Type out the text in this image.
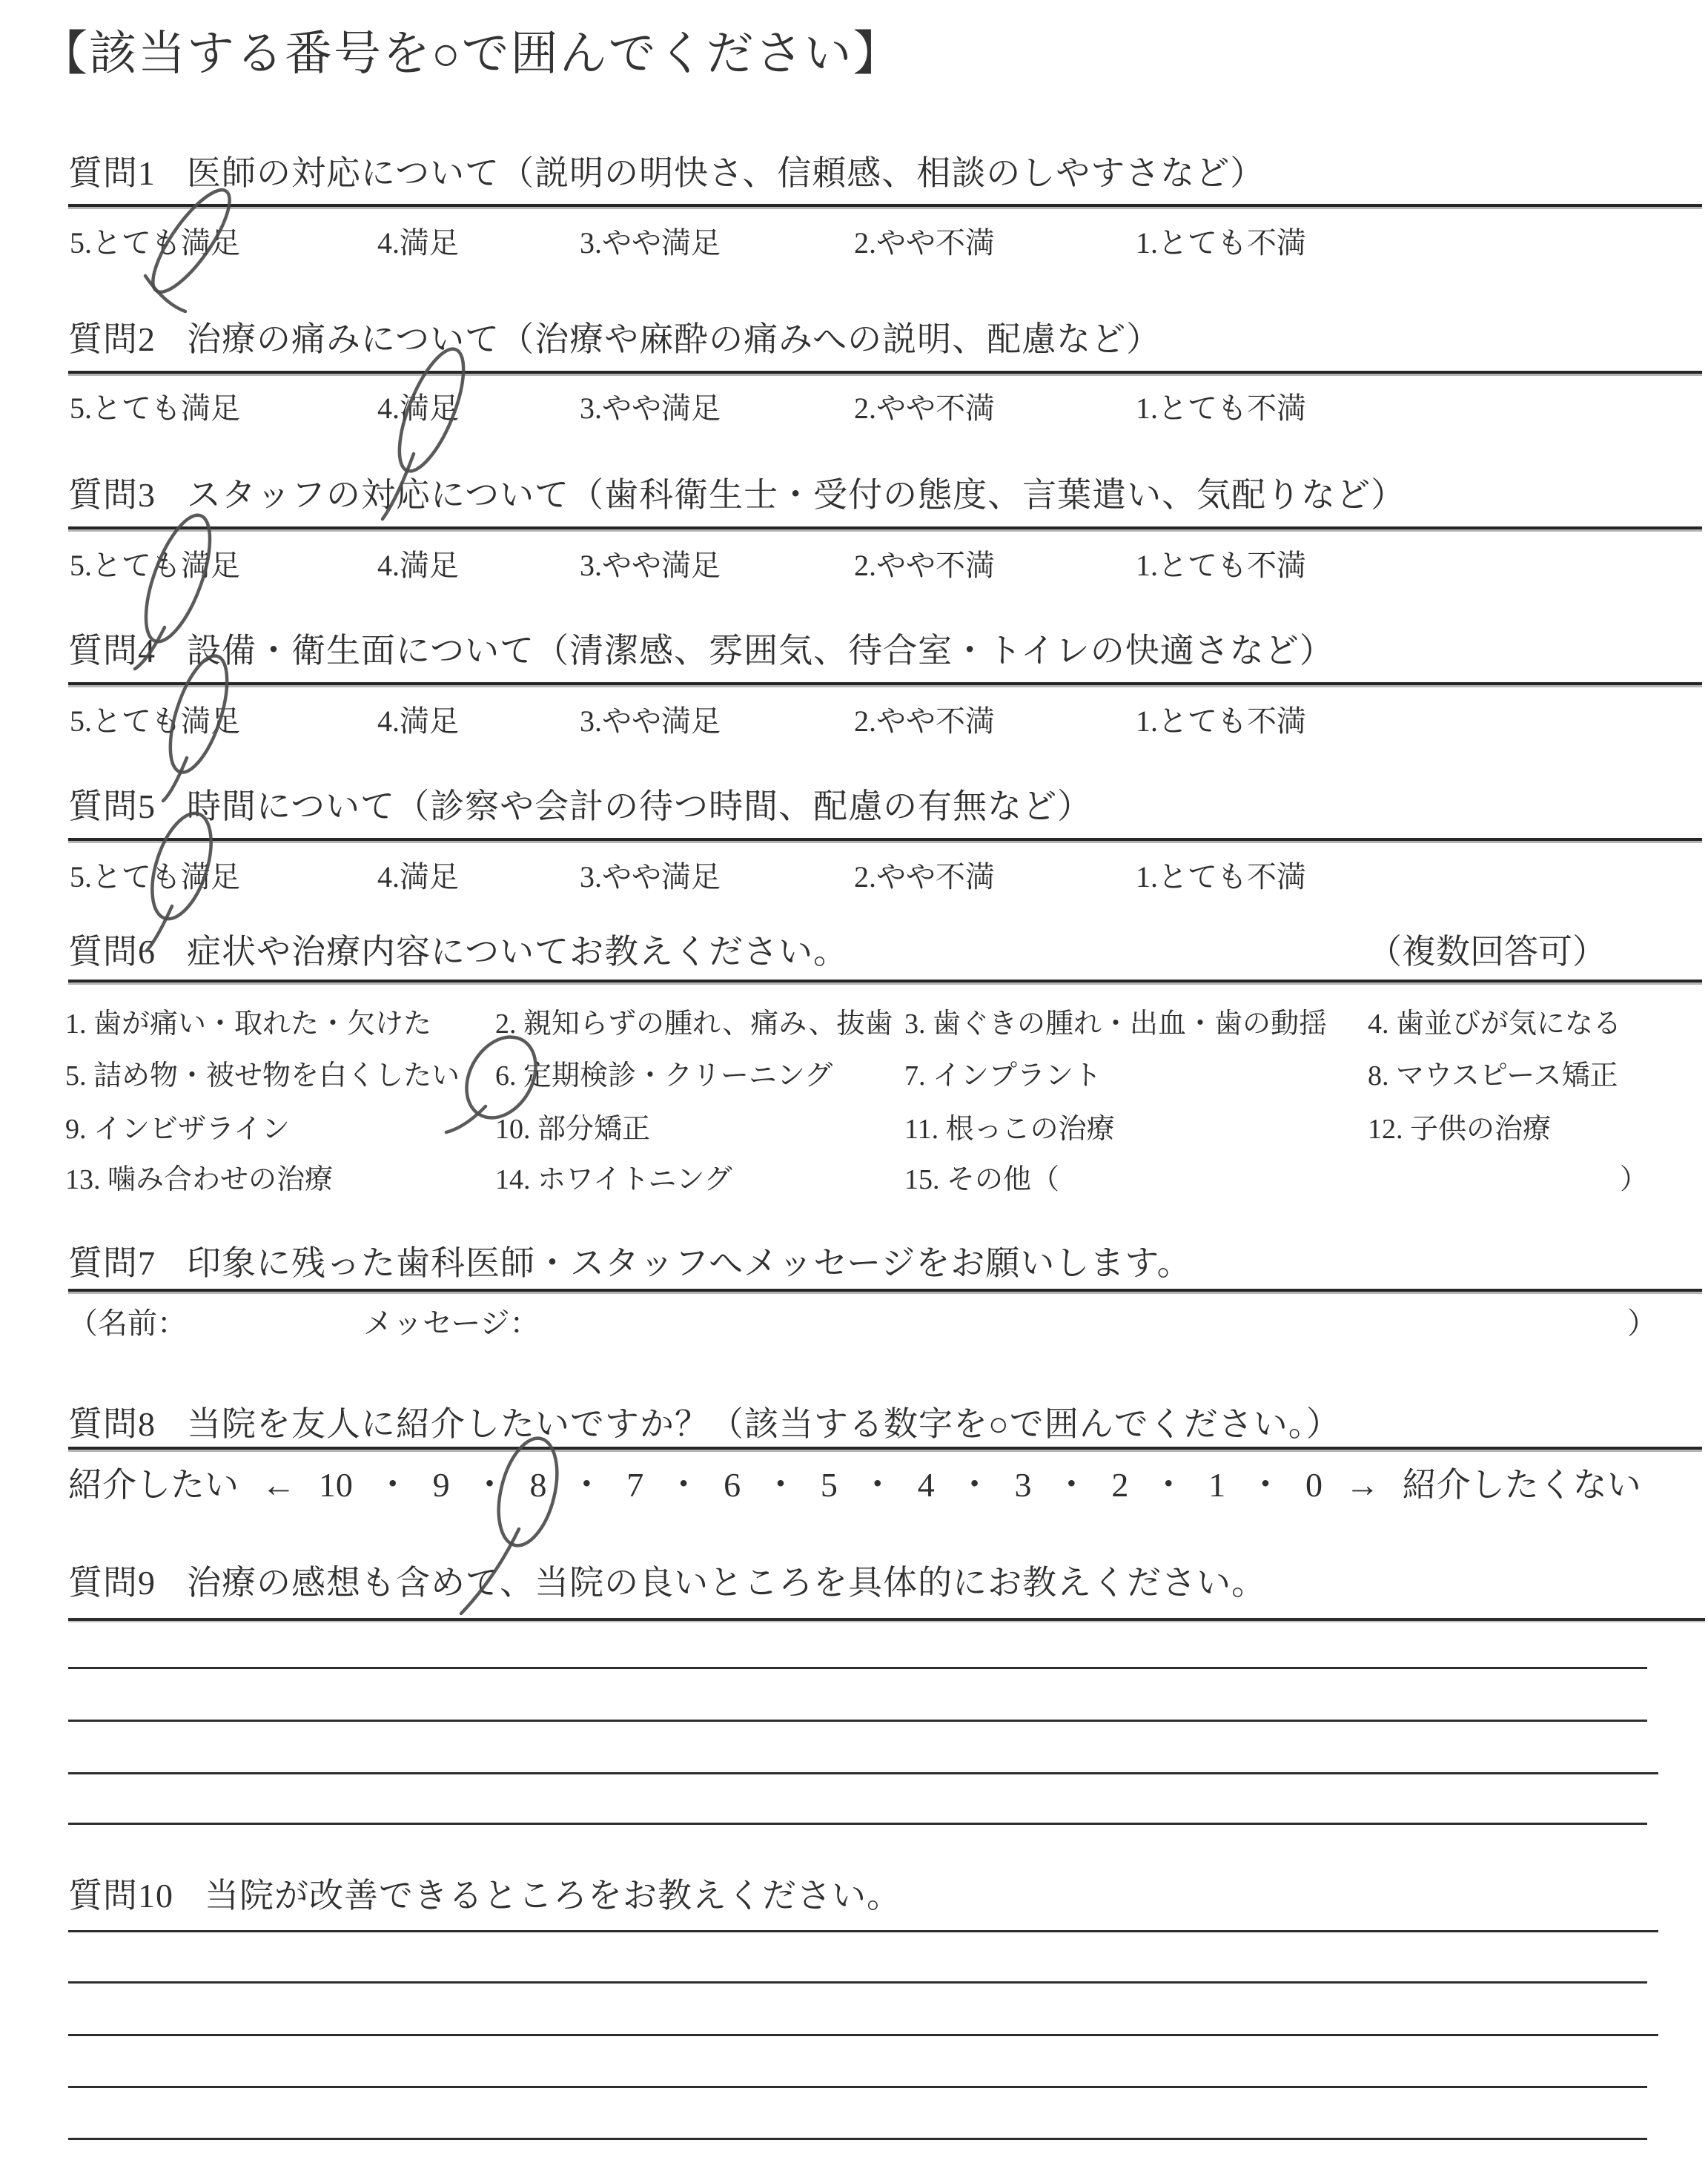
【該当する番号を○で囲んでください】
質問1 医師の対応について（説明の明快さ、信頼感、相談のしやすさなど）
5.とても満足	4.満足	3.やや満足	2.やや不満	1.とても不満
質問2 治療の痛みについて（治療や麻酔の痛みへの説明、配慮など）
5.とても満足	4.満足	3.やや満足	2.やや不満	1.とても不満
質問3 スタッフの対応について（歯科衛生士・受付の態度、言葉遣い、気配りなど）
5.とても満足	4.満足	3.やや満足	2.やや不満	1.とても不満
質問4 設備・衛生面について（清潔感、雰囲気、待合室・トイレの快適さなど）
5.とても満足	4.満足	3.やや満足	2.やや不満	1.とても不満
質問5 時間について（診察や会計の待つ時間、配慮の有無など）
5.とても満足	4.満足	3.やや満足	2.やや不満	1.とても不満
質問6 症状や治療内容についてお教えください。	（複数回答可）
1. 歯が痛い・取れた・欠けた 2. 親知らずの腫れ、痛み、抜歯 3. 歯ぐきの腫れ・出血・歯の動揺 4. 歯並びが気になる
5. 詰め物・被せ物を白くしたい 6. 定期検診・クリーニング	7. インプラント	8. マウスピース矯正
9. インビザライン	10. 部分矯正	11. 根っこの治療	12. 子供の治療
13. 噛み合わせの治療	14. ホワイトニング	15. その他（	）
質問7 印象に残った歯科医師・スタッフへメッセージをお願いします。
（名前：	メッセージ：	）
質問8 当院を友人に紹介したいですか？（該当する数字を○で囲んでください。）
紹介したい ← 10 ・ 9 ・ 8 ・ 7 ・ 6 ・ 5 ・ 4 ・ 3 ・ 2 ・ 1 ・ 0 → 紹介したくない
質問9 治療の感想も含めて、当院の良いところを具体的にお教えください。
質問10 当院が改善できるところをお教えください。
